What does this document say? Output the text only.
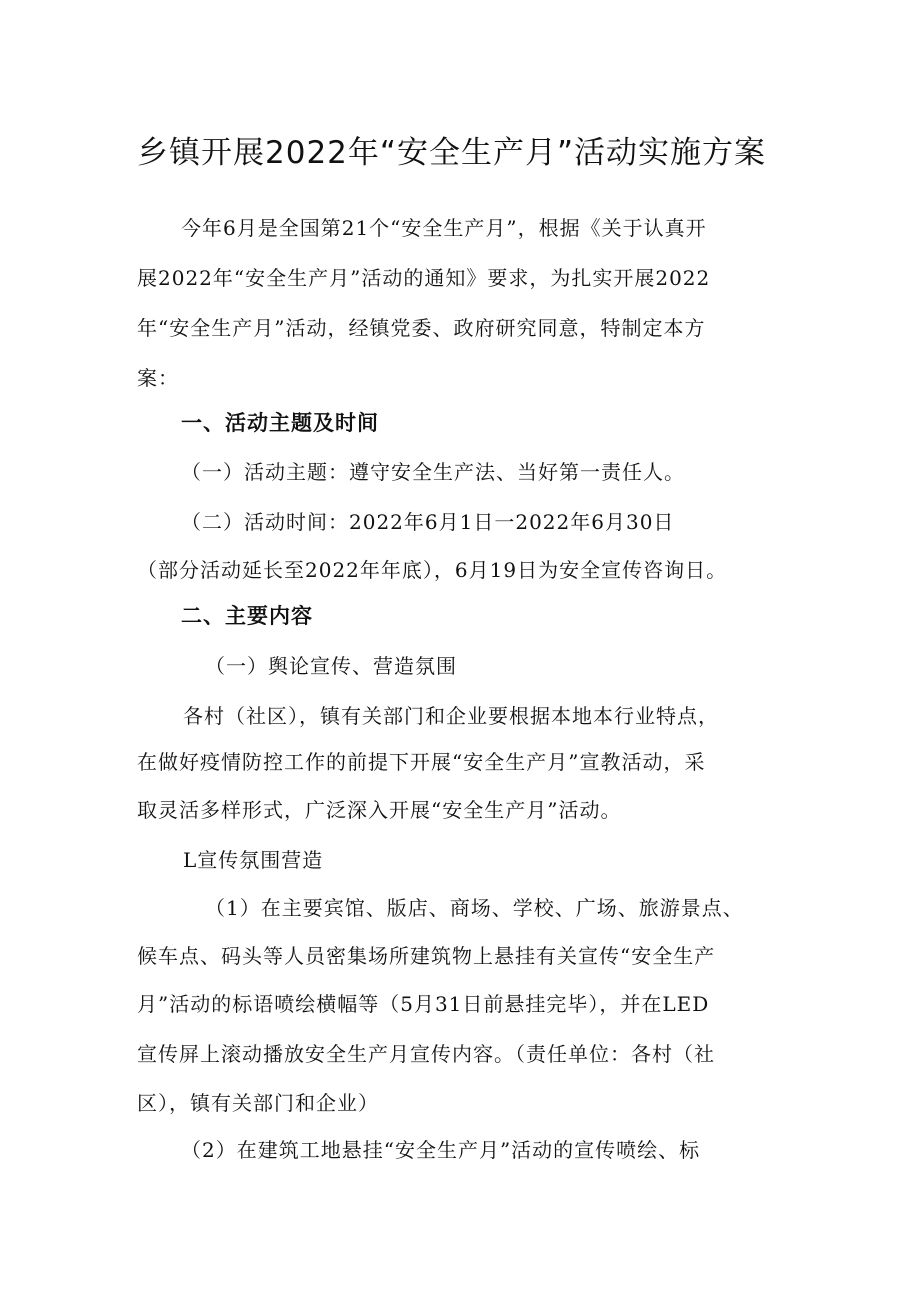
乡镇开展2022年“安全生产月”活动实施方案
今年6月是全国第21个“安全生产月”，根据《关于认真开
展2022年“安全生产月”活动的通知》要求，为扎实开展2022
年“安全生产月”活动，经镇党委、政府研究同意，特制定本方
案：
一、活动主题及时间
（一）活动主题：遵守安全生产法、当好第一责任人。
（二）活动时间：2022年6月1日一2022年6月30日
（部分活动延长至2022年年底），6月19日为安全宣传咨询日。
二、主要内容
（一）舆论宣传、营造氛围
各村（社区），镇有关部门和企业要根据本地本行业特点，
在做好疫情防控工作的前提下开展“安全生产月”宣教活动，采
取灵活多样形式，广泛深入开展“安全生产月”活动。
L宣传氛围营造
（1）在主要宾馆、版店、商场、学校、广场、旅游景点、
候车点、码头等人员密集场所建筑物上悬挂有关宣传“安全生产
月”活动的标语喷绘横幅等（5月31日前悬挂完毕），并在LED
宣传屏上滚动播放安全生产月宣传内容。（责任单位：各村（社
区），镇有关部门和企业）
（2）在建筑工地悬挂“安全生产月”活动的宣传喷绘、标
